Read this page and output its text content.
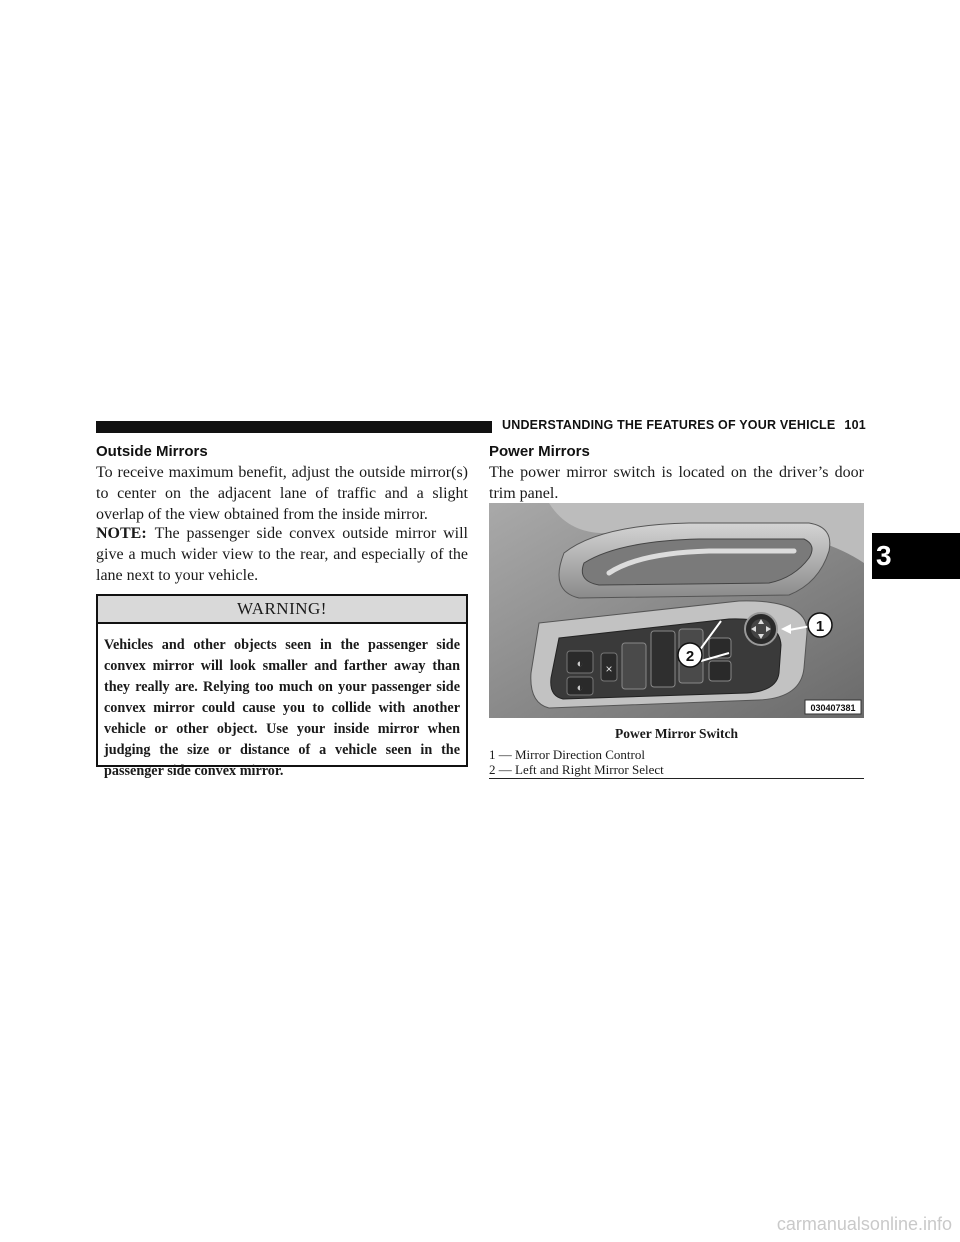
UNDERSTANDING THE FEATURES OF YOUR VEHICLE 101
Outside Mirrors

To receive maximum benefit, adjust the outside mirror(s) to center on the adjacent lane of traffic and a slight overlap of the view obtained from the inside mirror.

NOTE: The passenger side convex outside mirror will give a much wider view to the rear, and especially of the lane next to your vehicle.

WARNING!
Vehicles and other objects seen in the passenger side convex mirror will look smaller and farther away than they really are. Relying too much on your passenger side convex mirror could cause you to collide with another vehicle or other object. Use your inside mirror when judging the size or distance of a vehicle seen in the passenger side convex mirror.
Power Mirrors

The power mirror switch is located on the driver’s door trim panel.

◐
◐
×
1
2
030407381
Power Mirror Switch
1 — Mirror Direction Control
2 — Left and Right Mirror Select
3
carmanualsonline.info
